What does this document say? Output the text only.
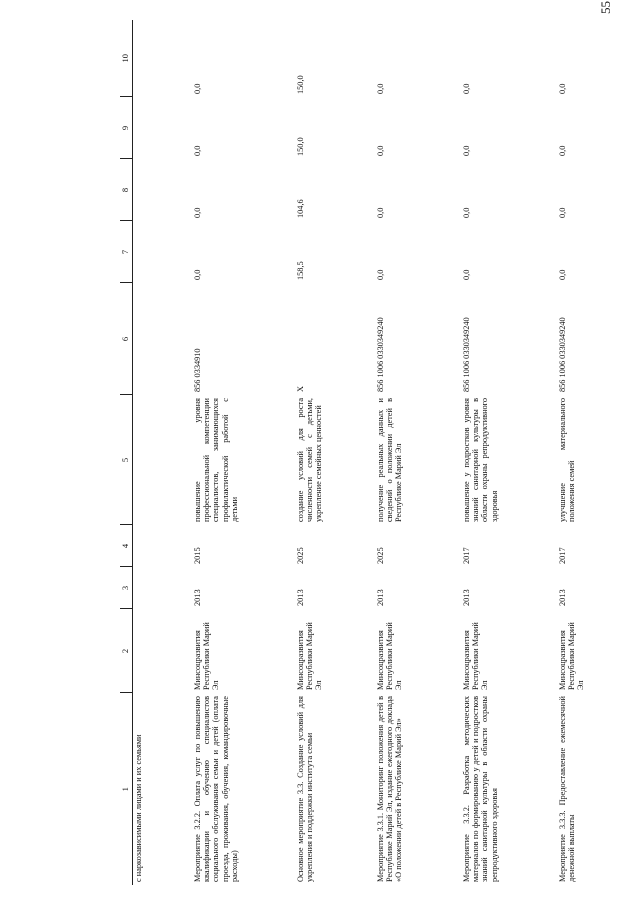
55
1	2	3	4	5	6	7	8	9	10
с наркозависимыми лицами и их семьями									
Мероприятие 3.2.2. Оплата услуг по повышению квалификации и обучению специалистов социального обслуживания семьи и детей (оплата проезда, проживания, обучения, командировочные расходы)	Минсоцразвития Республики Марий Эл	2013	2015	повышение уровня профессиональной компетенции специалистов, занимающихся профилактической работой с детьми	856 0334910	0,0	0,0	0,0	0,0
Основное мероприятие 3.3. Создание условий для укрепления и поддержки института семьи	Минсоцразвития Республики Марий Эл	2013	2025	создание условий для роста численности семей с детьми, укрепление семейных ценностей	Х	158,5	104,6	150,0	150,0
Мероприятие 3.3.1. Мониторинг положения детей в Республике Марий Эл, издание ежегодного доклада «О положении детей в Республике Марий Эл»	Минсоцразвития Республики Марий Эл	2013	2025	получение реальных данных и сведений о положении детей в Республике Марий Эл	856 1006 0330349240	0,0	0,0	0,0	0,0
Мероприятие 3.3.2. Разработка методических материалов по формированию у детей и подростков знаний санитарной культуры в области охраны репродуктивного здоровья	Минсоцразвития Республики Марий Эл	2013	2017	повышение у подростков уровня знаний санитарной культуры в области охраны репродуктивного здоровья	856 1006 0330349240	0,0	0,0	0,0	0,0
Мероприятие 3.3.3. Предоставление ежемесячной денежной выплаты	Минсоцразвития Республики Марий Эл	2013	2017	улучшение материального положения семей	856 1006 0330349240	0,0	0,0	0,0	0,0
